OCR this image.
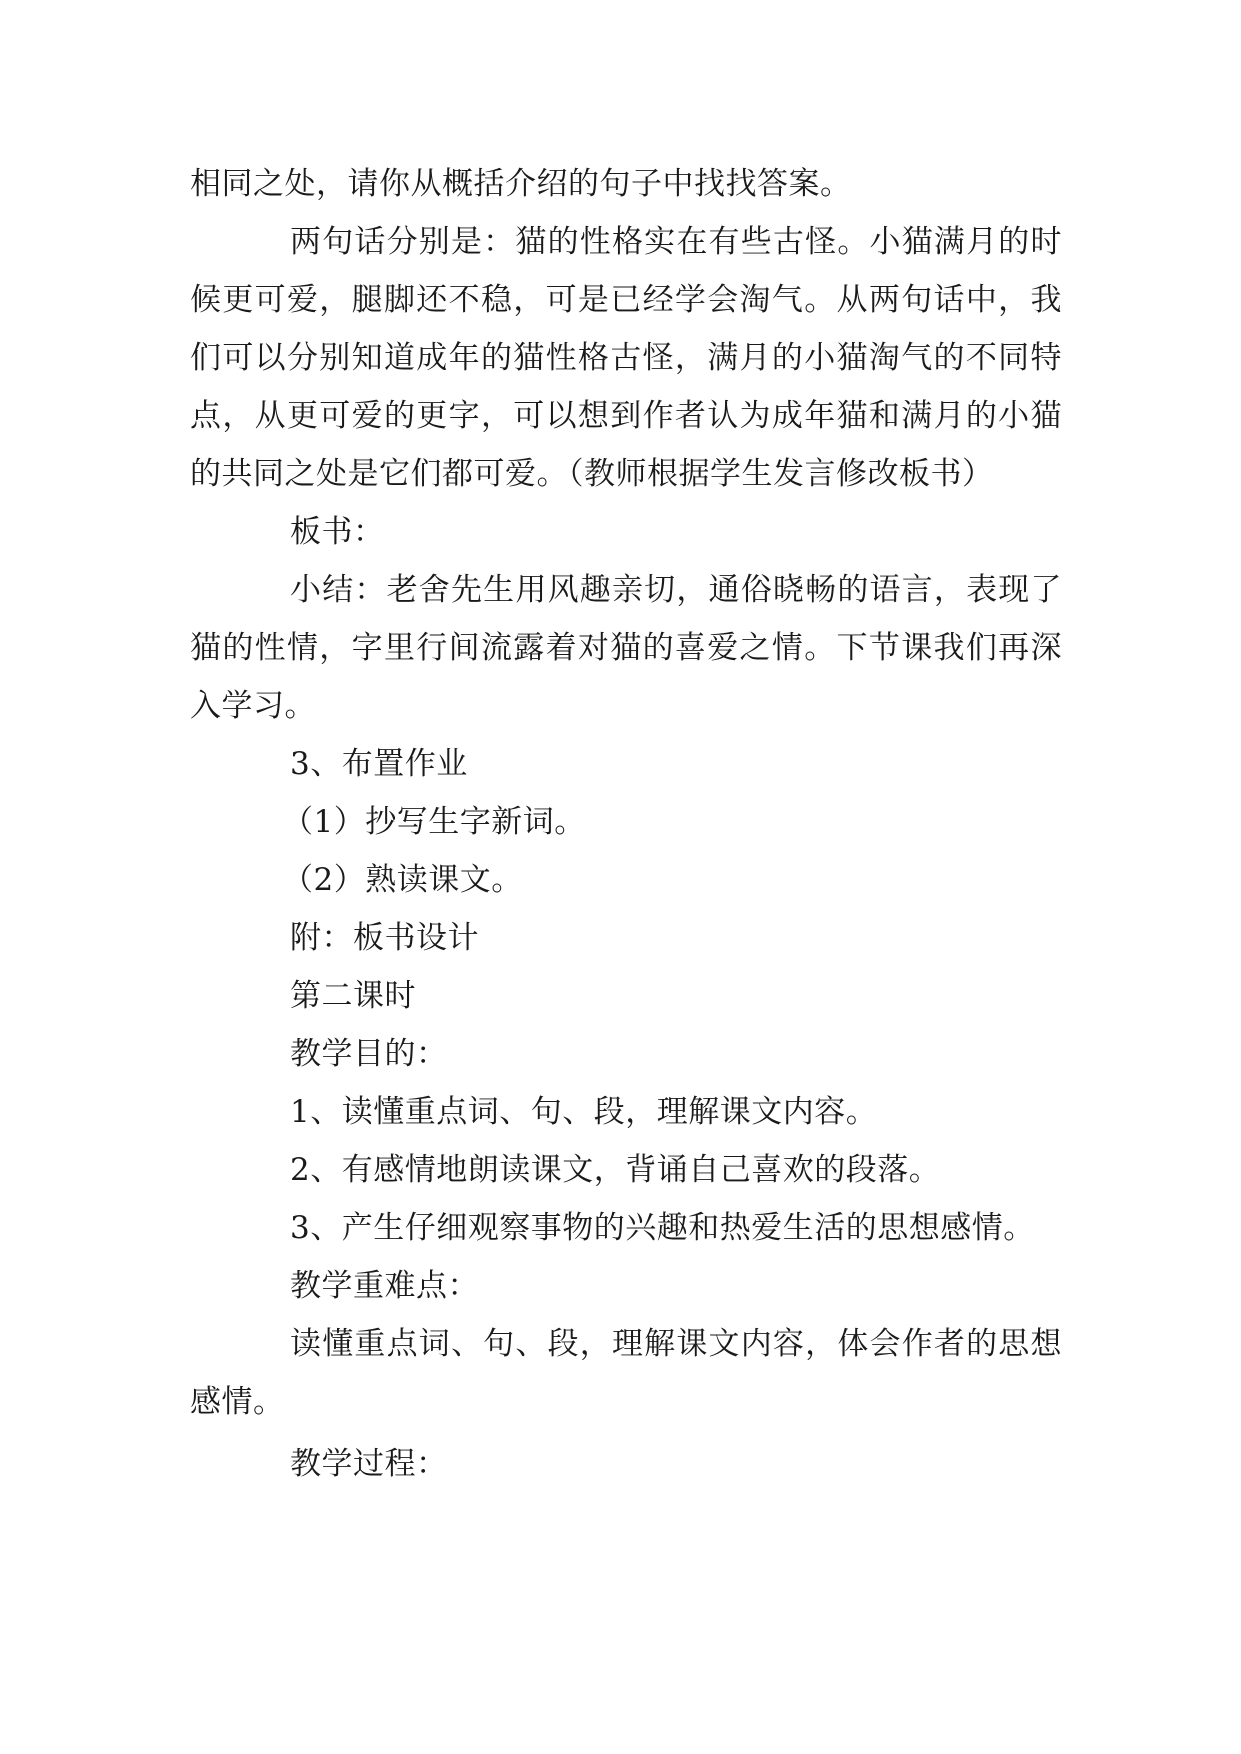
相同之处，请你从概括介绍的句子中找找答案。

两句话分别是：猫的性格实在有些古怪。小猫满月的时候更可爱，腿脚还不稳，可是已经学会淘气。从两句话中，我们可以分别知道成年的猫性格古怪，满月的小猫淘气的不同特点，从更可爱的更字，可以想到作者认为成年猫和满月的小猫的共同之处是它们都可爱。（教师根据学生发言修改板书）

板书：

小结：老舍先生用风趣亲切，通俗晓畅的语言，表现了猫的性情，字里行间流露着对猫的喜爱之情。下节课我们再深入学习。

3、布置作业

（1）抄写生字新词。

（2）熟读课文。

附：板书设计

第二课时

教学目的：

1、读懂重点词、句、段，理解课文内容。

2、有感情地朗读课文，背诵自己喜欢的段落。

3、产生仔细观察事物的兴趣和热爱生活的思想感情。

教学重难点：

读懂重点词、句、段，理解课文内容，体会作者的思想感情。

教学过程：
